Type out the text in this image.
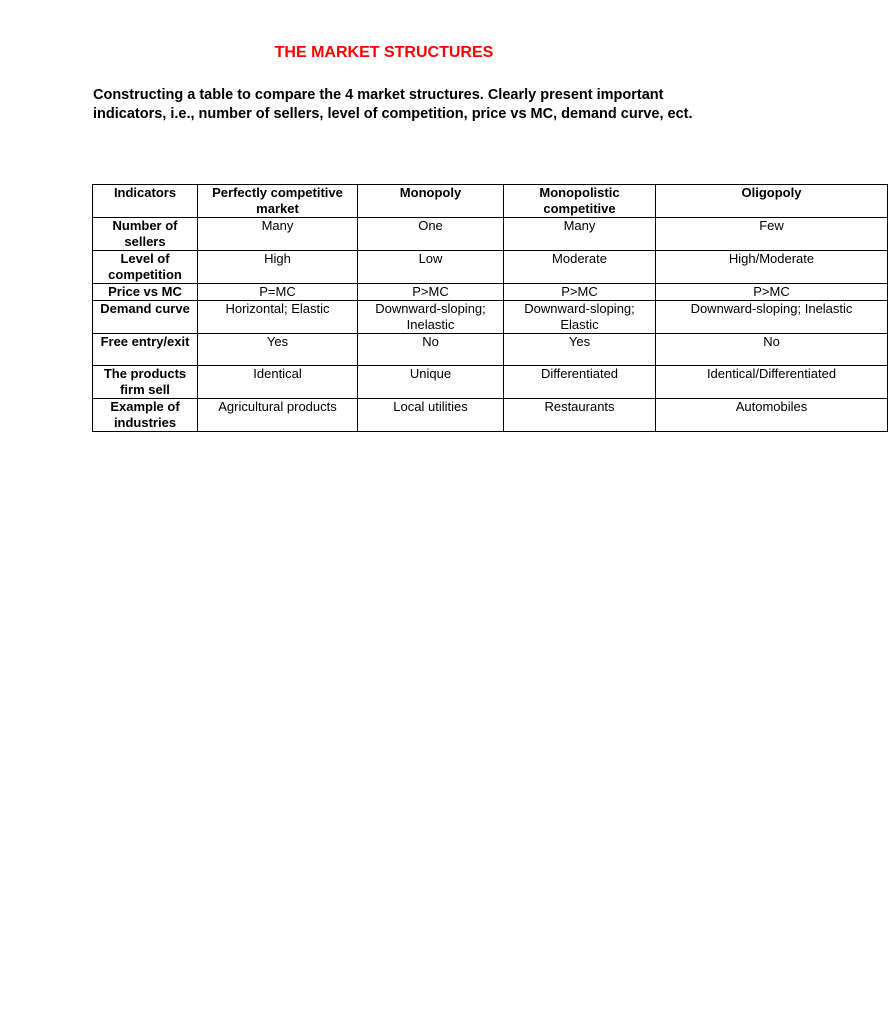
THE MARKET STRUCTURES

Constructing a table to compare the 4 market structures. Clearly present important indicators, i.e., number of sellers, level of competition, price vs MC, demand curve, ect.

Indicators	Perfectly competitive market	Monopoly	Monopolistic competitive	Oligopoly
Number of sellers	Many	One	Many	Few
Level of competition	High	Low	Moderate	High/Moderate
Price vs MC	P=MC	P>MC	P>MC	P>MC
Demand curve	Horizontal; Elastic	Downward-sloping; Inelastic	Downward-sloping; Elastic	Downward-sloping; Inelastic
Free entry/exit	Yes	No	Yes	No
The products firm sell	Identical	Unique	Differentiated	Identical/Differentiated
Example of industries	Agricultural products	Local utilities	Restaurants	Automobiles
